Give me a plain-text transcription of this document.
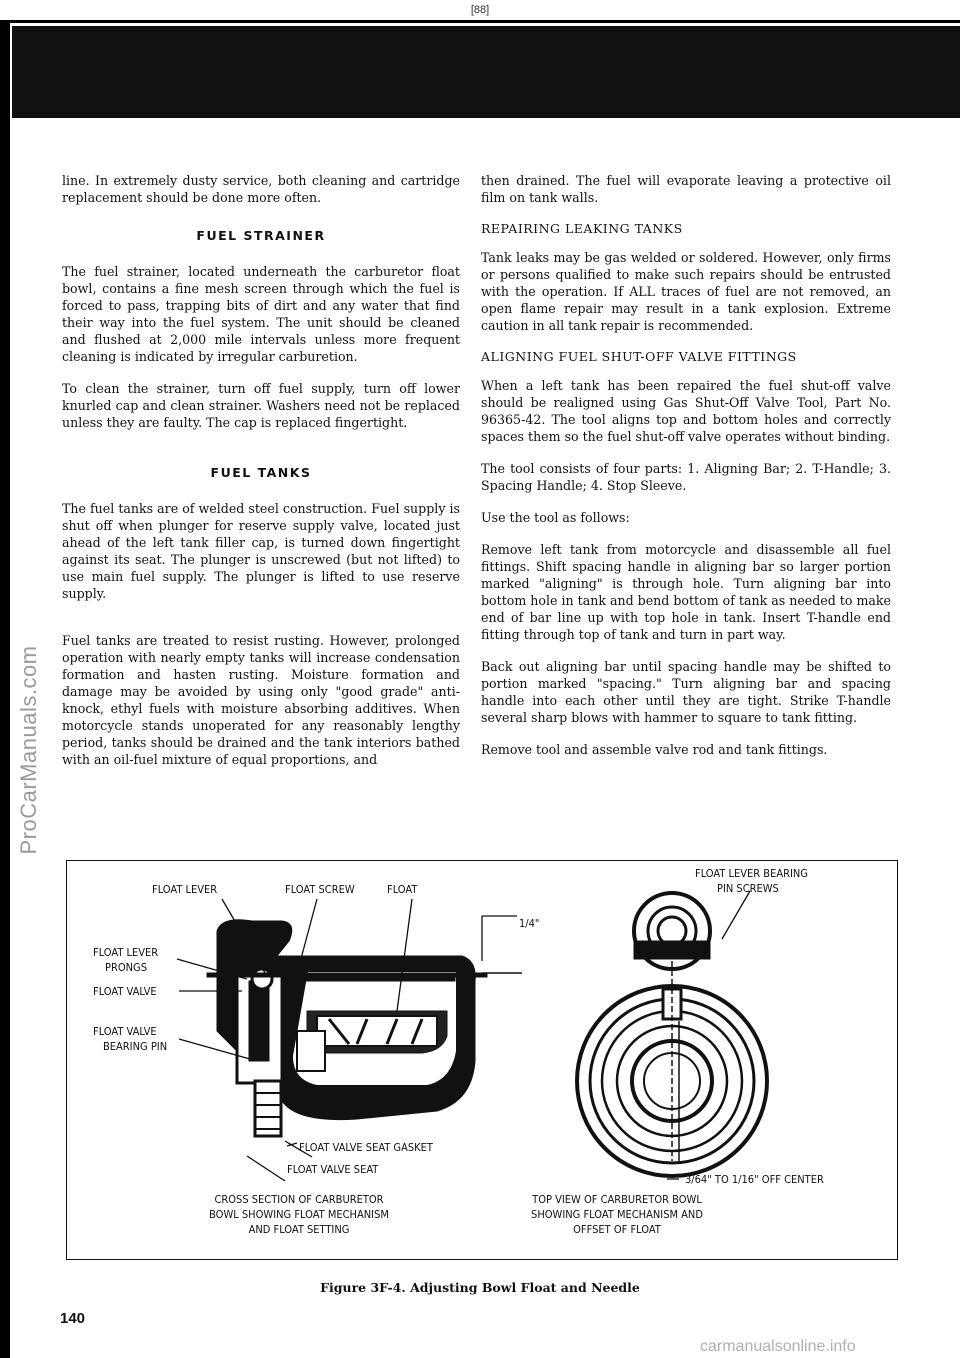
[88]
ProCarManuals.com

line. In extremely dusty service, both cleaning and cartridge replacement should be done more often.

FUEL STRAINER

The fuel strainer, located underneath the carburetor float bowl, contains a fine mesh screen through which the fuel is forced to pass, trapping bits of dirt and any water that find their way into the fuel system. The unit should be cleaned and flushed at 2,000 mile intervals unless more frequent cleaning is indicated by irregular carburetion.

To clean the strainer, turn off fuel supply, turn off lower knurled cap and clean strainer. Washers need not be replaced unless they are faulty. The cap is replaced fingertight.

FUEL TANKS

The fuel tanks are of welded steel construction. Fuel supply is shut off when plunger for reserve supply valve, located just ahead of the left tank filler cap, is turned down fingertight against its seat. The plunger is unscrewed (but not lifted) to use main fuel supply. The plunger is lifted to use reserve supply.

Fuel tanks are treated to resist rusting. However, prolonged operation with nearly empty tanks will increase condensation formation and hasten rusting. Moisture formation and damage may be avoided by using only "good grade" anti-knock, ethyl fuels with moisture absorbing additives. When motorcycle stands unoperated for any reasonably lengthy period, tanks should be drained and the tank interiors bathed with an oil-fuel mixture of equal proportions, and

then drained. The fuel will evaporate leaving a protective oil film on tank walls.

REPAIRING LEAKING TANKS

Tank leaks may be gas welded or soldered. However, only firms or persons qualified to make such repairs should be entrusted with the operation. If ALL traces of fuel are not removed, an open flame repair may result in a tank explosion. Extreme caution in all tank repair is recommended.

ALIGNING FUEL SHUT-OFF VALVE FITTINGS

When a left tank has been repaired the fuel shut-off valve should be realigned using Gas Shut-Off Valve Tool, Part No. 96365-42. The tool aligns top and bottom holes and correctly spaces them so the fuel shut-off valve operates without binding.

The tool consists of four parts: 1. Aligning Bar; 2. T-Handle; 3. Spacing Handle; 4. Stop Sleeve.

Use the tool as follows:

Remove left tank from motorcycle and disassemble all fuel fittings. Shift spacing handle in aligning bar so larger portion marked "aligning" is through hole. Turn aligning bar into bottom hole in tank and bend bottom of tank as needed to make end of bar line up with top hole in tank. Insert T-handle end fitting through top of tank and turn in part way.

Back out aligning bar until spacing handle may be shifted to portion marked "spacing." Turn aligning bar and spacing handle into each other until they are tight. Strike T-handle several sharp blows with hammer to square to tank fitting.

Remove tool and assemble valve rod and tank fittings.

FLOAT LEVER	FLOAT SCREW	FLOAT
1/4"
FLOAT LEVER
PRONGS
FLOAT VALVE
FLOAT VALVE
BEARING PIN
FLOAT VALVE SEAT GASKET
FLOAT VALVE SEAT
FLOAT LEVER BEARING
PIN SCREWS
3/64" TO 1/16" OFF CENTER
CROSS SECTION OF CARBURETOR
BOWL SHOWING FLOAT MECHANISM
AND FLOAT SETTING
TOP VIEW OF CARBURETOR BOWL
SHOWING FLOAT MECHANISM AND
OFFSET OF FLOAT
Figure 3F-4. Adjusting Bowl Float and Needle
140
carmanualsonline.info
